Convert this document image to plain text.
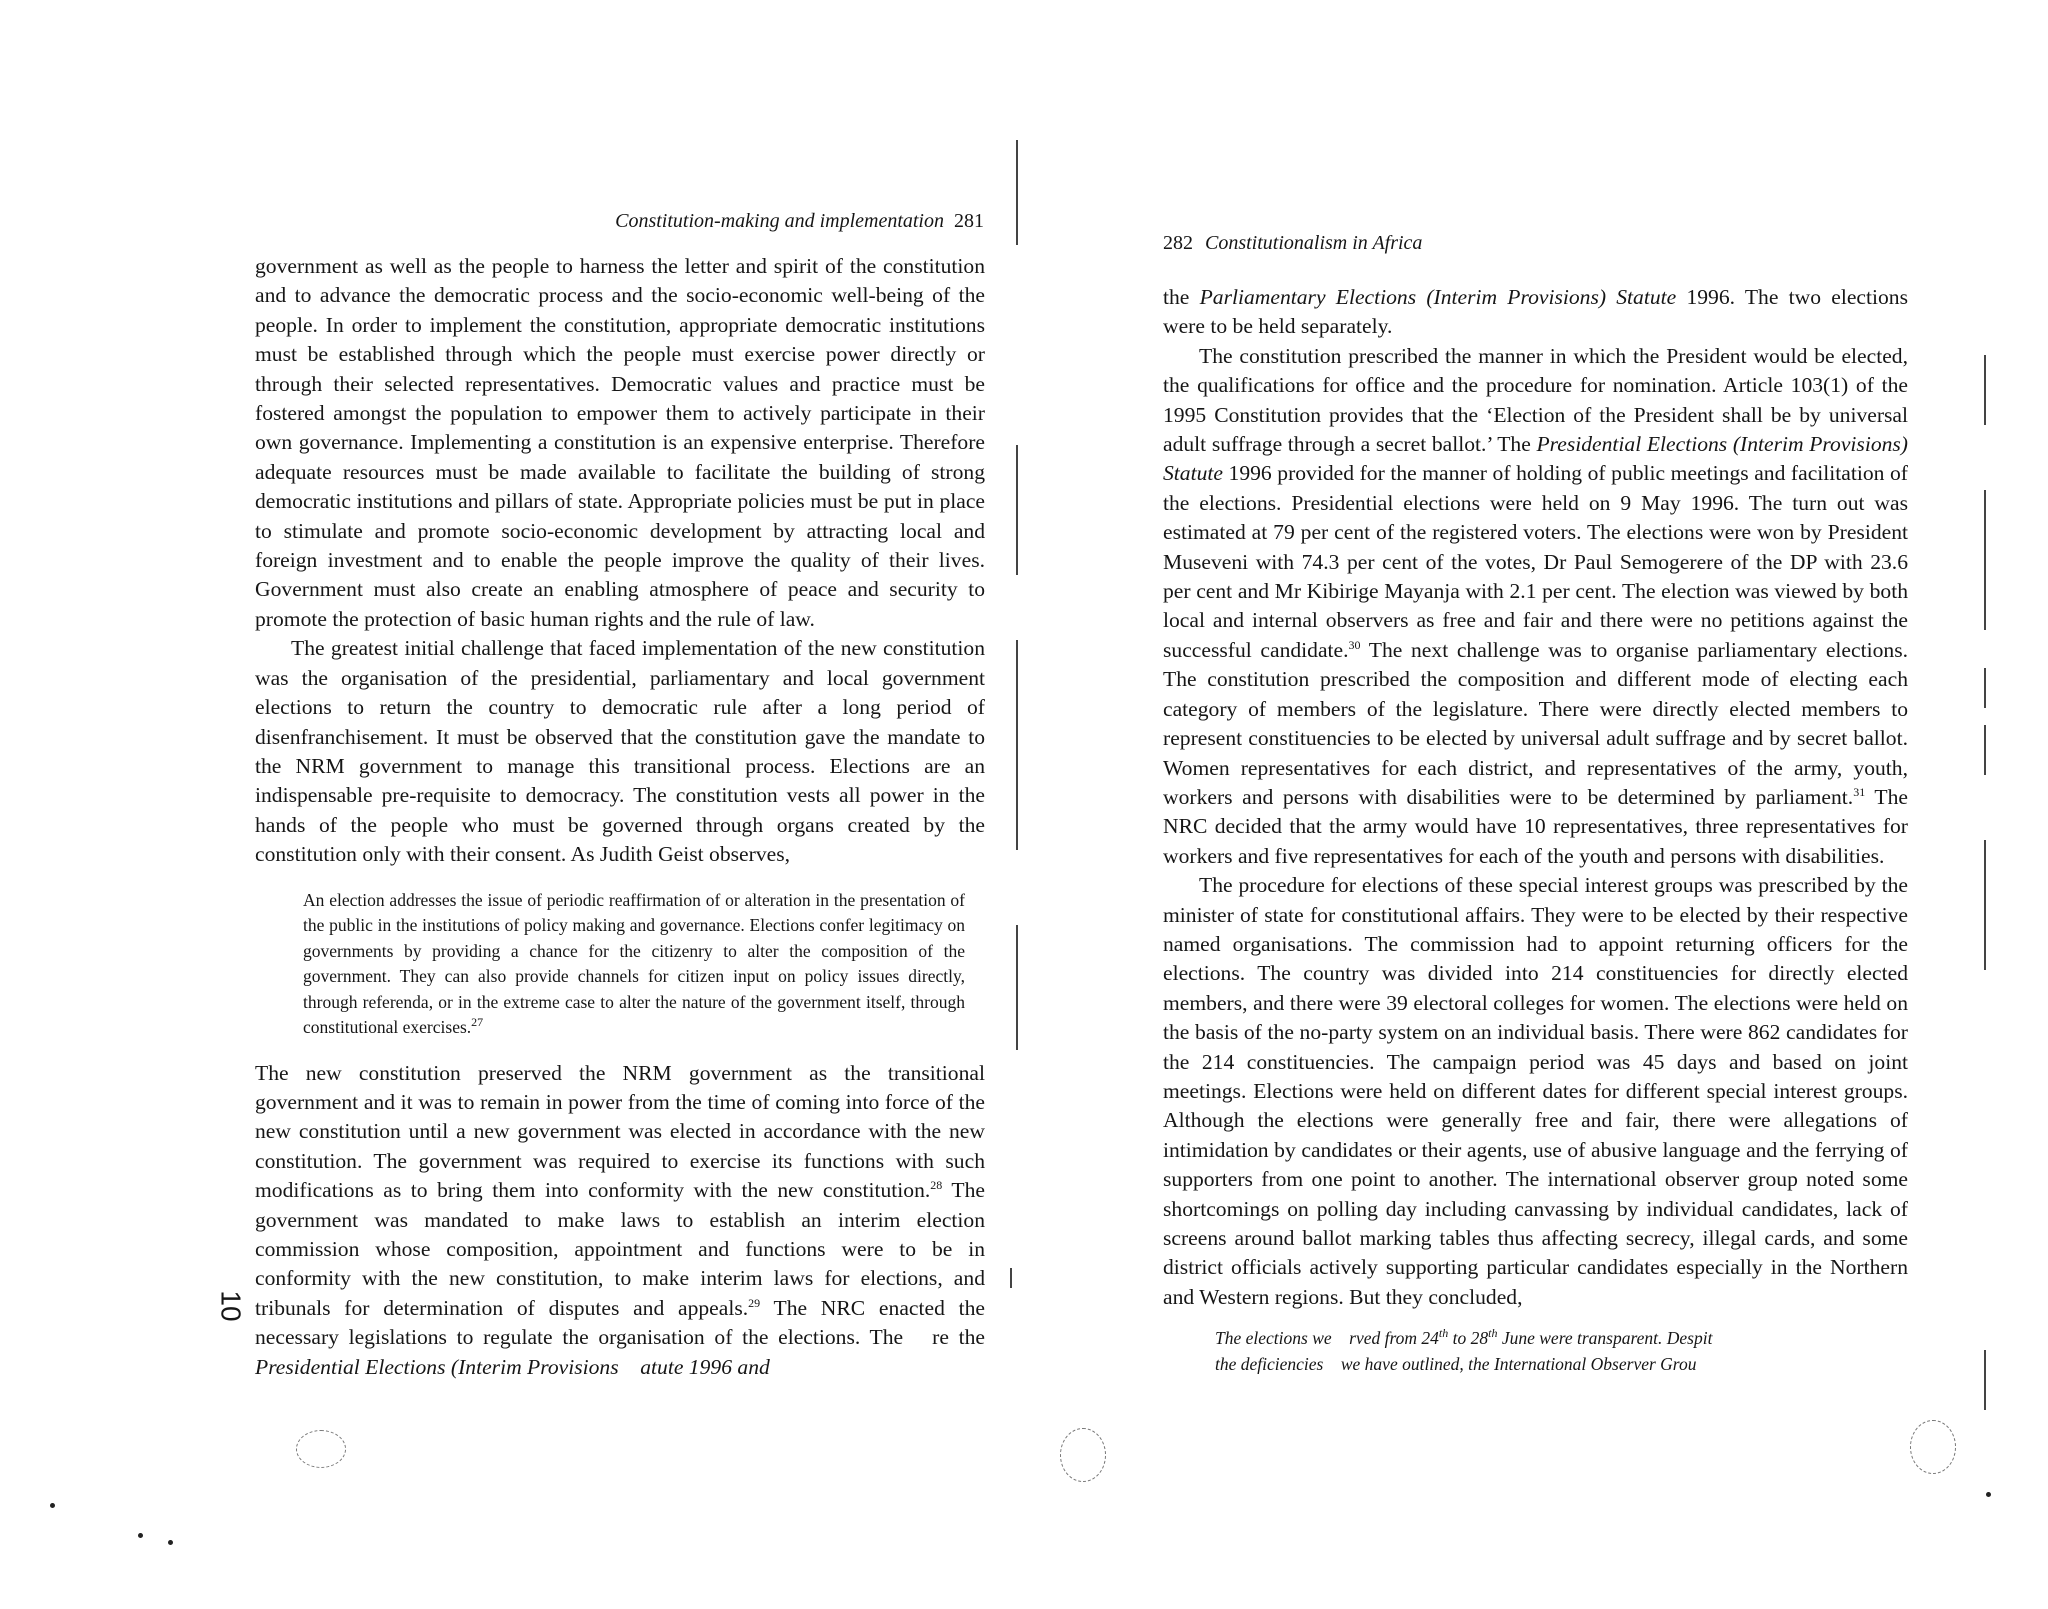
Constitution-making and implementation 281

government as well as the people to harness the letter and spirit of the constitution and to advance the democratic process and the socio-economic well-being of the people. In order to implement the constitution, appropriate democratic institutions must be established through which the people must exercise power directly or through their selected representatives. Democratic values and practice must be fostered amongst the population to empower them to actively participate in their own governance. Implementing a constitution is an expensive enterprise. Therefore adequate resources must be made available to facilitate the building of strong democratic institutions and pillars of state. Appropriate policies must be put in place to stimulate and promote socio-economic development by attracting local and foreign investment and to enable the people improve the quality of their lives. Government must also create an enabling atmosphere of peace and security to promote the protection of basic human rights and the rule of law.

The greatest initial challenge that faced implementation of the new constitution was the organisation of the presidential, parliamentary and local government elections to return the country to democratic rule after a long period of disenfranchisement. It must be observed that the constitution gave the mandate to the NRM government to manage this transitional process. Elections are an indispensable pre-requisite to democracy. The constitution vests all power in the hands of the people who must be governed through organs created by the constitution only with their consent. As Judith Geist observes,

An election addresses the issue of periodic reaffirmation of or alteration in the presentation of the public in the institutions of policy making and governance. Elections confer legitimacy on governments by providing a chance for the citizenry to alter the composition of the government. They can also provide channels for citizen input on policy issues directly, through referenda, or in the extreme case to alter the nature of the government itself, through constitutional exercises.$^{27}$

The new constitution preserved the NRM government as the transitional government and it was to remain in power from the time of coming into force of the new constitution until a new government was elected in accordance with the new constitution. The government was required to exercise its functions with such modifications as to bring them into conformity with the new constitution.$^{28}$ The government was mandated to make laws to establish an interim election commission whose composition, appointment and functions were to be in conformity with the new constitution, to make interim laws for elections, and tribunals for determination of disputes and appeals.$^{29}$ The NRC enacted the necessary legislations to regulate the organisation of the elections. The re the Presidential Elections (Interim Provisions atute 1996 and

10
282 Constitutionalism in Africa

the Parliamentary Elections (Interim Provisions) Statute 1996. The two elections were to be held separately.

The constitution prescribed the manner in which the President would be elected, the qualifications for office and the procedure for nomination. Article 103(1) of the 1995 Constitution provides that the ‘Election of the President shall be by universal adult suffrage through a secret ballot.’ The Presidential Elections (Interim Provisions) Statute 1996 provided for the manner of holding of public meetings and facilitation of the elections. Presidential elections were held on 9 May 1996. The turn out was estimated at 79 per cent of the registered voters. The elections were won by President Museveni with 74.3 per cent of the votes, Dr Paul Semogerere of the DP with 23.6 per cent and Mr Kibirige Mayanja with 2.1 per cent. The election was viewed by both local and internal observers as free and fair and there were no petitions against the successful candidate.$^{30}$ The next challenge was to organise parliamentary elections. The constitution prescribed the composition and different mode of electing each category of members of the legislature. There were directly elected members to represent constituencies to be elected by universal adult suffrage and by secret ballot. Women representatives for each district, and representatives of the army, youth, workers and persons with disabilities were to be determined by parliament.$^{31}$ The NRC decided that the army would have 10 representatives, three representatives for workers and five representatives for each of the youth and persons with disabilities.

The procedure for elections of these special interest groups was prescribed by the minister of state for constitutional affairs. They were to be elected by their respective named organisations. The commission had to appoint returning officers for the elections. The country was divided into 214 constituencies for directly elected members, and there were 39 electoral colleges for women. The elections were held on the basis of the no-party system on an individual basis. There were 862 candidates for the 214 constituencies. The campaign period was 45 days and based on joint meetings. Elections were held on different dates for different special interest groups. Although the elections were generally free and fair, there were allegations of intimidation by candidates or their agents, use of abusive language and the ferrying of supporters from one point to another. The international observer group noted some shortcomings on polling day including canvassing by individual candidates, lack of screens around ballot marking tables thus affecting secrecy, illegal cards, and some district officials actively supporting particular candidates especially in the Northern and Western regions. But they concluded,

The elections we rved from 24th to 28th June were transparent. Despit
the deficiencies    we have outlined, the International Observer Grou
